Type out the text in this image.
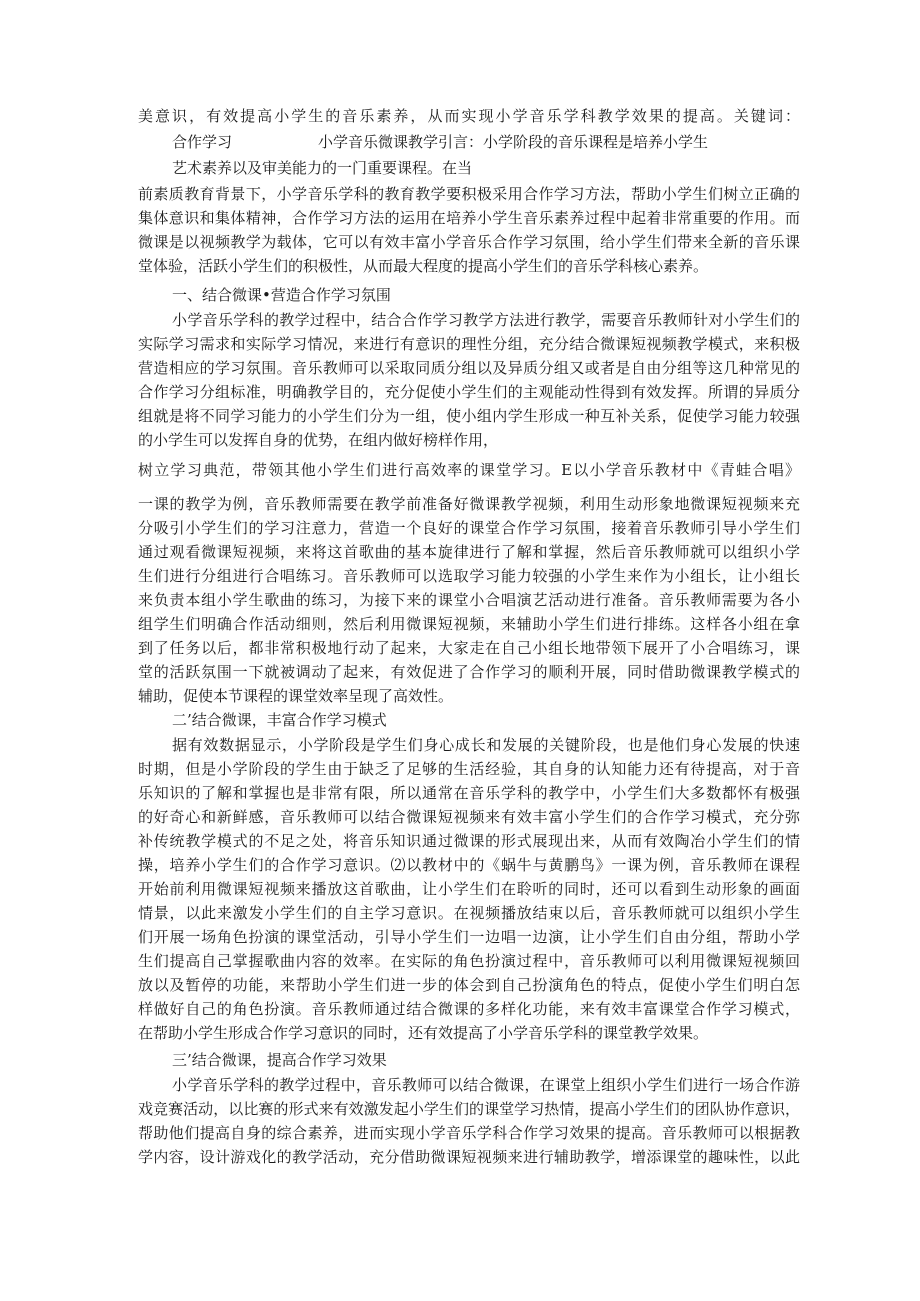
美意识，有效提高小学生的音乐素养，从而实现小学音乐学科教学效果的提高。关键词：
合作学习	小学音乐微课教学引言：小学阶段的音乐课程是培养小学生
艺术素养以及审美能力的一门重要课程。在当
前素质教育背景下，小学音乐学科的教育教学要积极采用合作学习方法，帮助小学生们树立正确的
集体意识和集体精神，合作学习方法的运用在培养小学生音乐素养过程中起着非常重要的作用。而
微课是以视频教学为载体，它可以有效丰富小学音乐合作学习氛围，给小学生们带来全新的音乐课
堂体验，活跃小学生们的积极性，从而最大程度的提高小学生们的音乐学科核心素养。
一、结合微课•营造合作学习氛围
小学音乐学科的教学过程中，结合合作学习教学方法进行教学，需要音乐教师针对小学生们的
实际学习需求和实际学习情况，来进行有意识的理性分组，充分结合微课短视频教学模式，来积极
营造相应的学习氛围。音乐教师可以采取同质分组以及异质分组又或者是自由分组等这几种常见的
合作学习分组标准，明确教学目的，充分促使小学生们的主观能动性得到有效发挥。所谓的异质分
组就是将不同学习能力的小学生们分为一组，使小组内学生形成一种互补关系，促使学习能力较强
的小学生可以发挥自身的优势，在组内做好榜样作用，
树立学习典范，带领其他小学生们进行高效率的课堂学习。E以小学音乐教材中《青蛙合唱》
一课的教学为例，音乐教师需要在教学前准备好微课教学视频，利用生动形象地微课短视频来充
分吸引小学生们的学习注意力，营造一个良好的课堂合作学习氛围，接着音乐教师引导小学生们
通过观看微课短视频，来将这首歌曲的基本旋律进行了解和掌握，然后音乐教师就可以组织小学
生们进行分组进行合唱练习。音乐教师可以选取学习能力较强的小学生来作为小组长，让小组长
来负责本组小学生歌曲的练习，为接下来的课堂小合唱演艺活动进行准备。音乐教师需要为各小
组学生们明确合作活动细则，然后利用微课短视频，来辅助小学生们进行排练。这样各小组在拿
到了任务以后，都非常积极地行动了起来，大家走在自己小组长地带领下展开了小合唱练习，课
堂的活跃氛围一下就被调动了起来，有效促进了合作学习的顺利开展，同时借助微课教学模式的
辅助，促使本节课程的课堂效率呈现了高效性。
二’结合微课，丰富合作学习模式
据有效数据显示，小学阶段是学生们身心成长和发展的关键阶段，也是他们身心发展的快速
时期，但是小学阶段的学生由于缺乏了足够的生活经验，其自身的认知能力还有待提高，对于音
乐知识的了解和掌握也是非常有限，所以通常在音乐学科的教学中，小学生们大多数都怀有极强
的好奇心和新鲜感，音乐教师可以结合微课短视频来有效丰富小学生们的合作学习模式，充分弥
补传统教学模式的不足之处，将音乐知识通过微课的形式展现出来，从而有效陶冶小学生们的情
操，培养小学生们的合作学习意识。⑵以教材中的《蜗牛与黄鹏鸟》一课为例，音乐教师在课程
开始前利用微课短视频来播放这首歌曲，让小学生们在聆听的同时，还可以看到生动形象的画面
情景，以此来激发小学生们的自主学习意识。在视频播放结束以后，音乐教师就可以组织小学生
们开展一场角色扮演的课堂活动，引导小学生们一边唱一边演，让小学生们自由分组，帮助小学
生们提高自己掌握歌曲内容的效率。在实际的角色扮演过程中，音乐教师可以利用微课短视频回
放以及暂停的功能，来帮助小学生们进一步的体会到自己扮演角色的特点，促使小学生们明白怎
样做好自己的角色扮演。音乐教师通过结合微课的多样化功能，来有效丰富课堂合作学习模式，
在帮助小学生形成合作学习意识的同时，还有效提高了小学音乐学科的课堂教学效果。
三’结合微课，提高合作学习效果
小学音乐学科的教学过程中，音乐教师可以结合微课，在课堂上组织小学生们进行一场合作游
戏竞赛活动，以比赛的形式来有效激发起小学生们的课堂学习热情，提高小学生们的团队协作意识，
帮助他们提高自身的综合素养，进而实现小学音乐学科合作学习效果的提高。音乐教师可以根据教
学内容，设计游戏化的教学活动，充分借助微课短视频来进行辅助教学，增添课堂的趣味性，以此
